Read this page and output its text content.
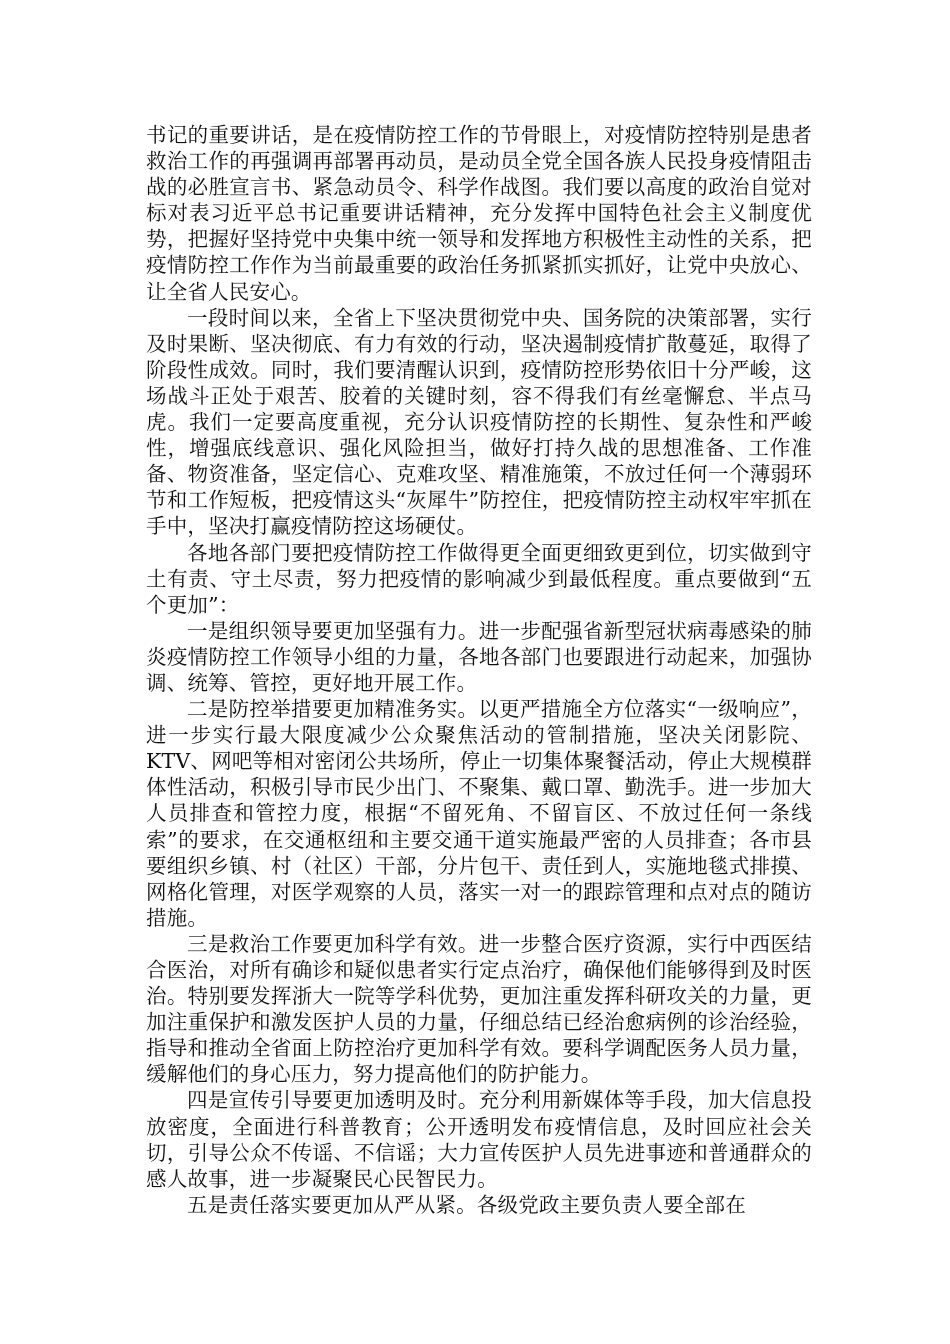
书记的重要讲话，是在疫情防控工作的节骨眼上，对疫情防控特别是患者救治工作的再强调再部署再动员，是动员全党全国各族人民投身疫情阻击战的必胜宣言书、紧急动员令、科学作战图。我们要以高度的政治自觉对标对表习近平总书记重要讲话精神，充分发挥中国特色社会主义制度优势，把握好坚持党中央集中统一领导和发挥地方积极性主动性的关系，把疫情防控工作作为当前最重要的政治任务抓紧抓实抓好，让党中央放心、让全省人民安心。

一段时间以来，全省上下坚决贯彻党中央、国务院的决策部署，实行及时果断、坚决彻底、有力有效的行动，坚决遏制疫情扩散蔓延，取得了阶段性成效。同时，我们要清醒认识到，疫情防控形势依旧十分严峻，这场战斗正处于艰苦、胶着的关键时刻，容不得我们有丝毫懈怠、半点马虎。我们一定要高度重视，充分认识疫情防控的长期性、复杂性和严峻性，增强底线意识、强化风险担当，做好打持久战的思想准备、工作准备、物资准备，坚定信心、克难攻坚、精准施策，不放过任何一个薄弱环节和工作短板，把疫情这头“灰犀牛”防控住，把疫情防控主动权牢牢抓在手中，坚决打赢疫情防控这场硬仗。

各地各部门要把疫情防控工作做得更全面更细致更到位，切实做到守土有责、守土尽责，努力把疫情的影响减少到最低程度。重点要做到“五个更加”：

一是组织领导要更加坚强有力。进一步配强省新型冠状病毒感染的肺炎疫情防控工作领导小组的力量，各地各部门也要跟进行动起来，加强协调、统筹、管控，更好地开展工作。

二是防控举措要更加精准务实。以更严措施全方位落实“一级响应”，进一步实行最大限度减少公众聚焦活动的管制措施，坚决关闭影院、KTV、网吧等相对密闭公共场所，停止一切集体聚餐活动，停止大规模群体性活动，积极引导市民少出门、不聚集、戴口罩、勤洗手。进一步加大人员排查和管控力度，根据“不留死角、不留盲区、不放过任何一条线索”的要求，在交通枢纽和主要交通干道实施最严密的人员排查；各市县要组织乡镇、村（社区）干部，分片包干、责任到人，实施地毯式排摸、网格化管理，对医学观察的人员，落实一对一的跟踪管理和点对点的随访措施。

三是救治工作要更加科学有效。进一步整合医疗资源，实行中西医结合医治，对所有确诊和疑似患者实行定点治疗，确保他们能够得到及时医治。特别要发挥浙大一院等学科优势，更加注重发挥科研攻关的力量，更加注重保护和激发医护人员的力量，仔细总结已经治愈病例的诊治经验，指导和推动全省面上防控治疗更加科学有效。要科学调配医务人员力量，缓解他们的身心压力，努力提高他们的防护能力。

四是宣传引导要更加透明及时。充分利用新媒体等手段，加大信息投放密度，全面进行科普教育；公开透明发布疫情信息，及时回应社会关切，引导公众不传谣、不信谣；大力宣传医护人员先进事迹和普通群众的感人故事，进一步凝聚民心民智民力。

五是责任落实要更加从严从紧。各级党政主要负责人要全部在
